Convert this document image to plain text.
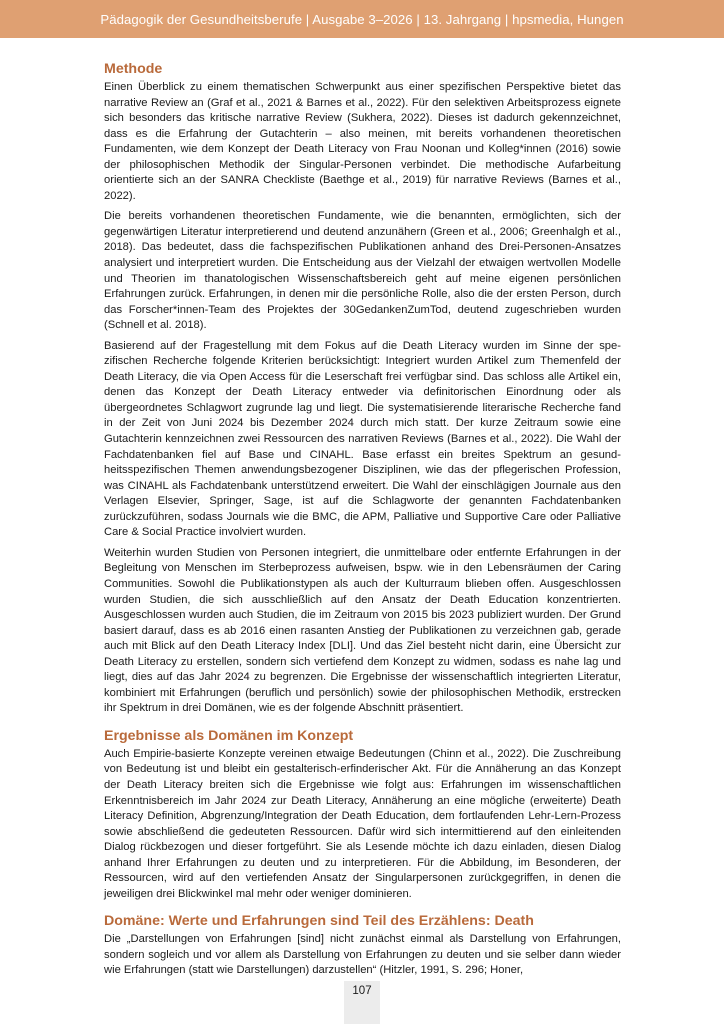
Pädagogik der Gesundheitsberufe | Ausgabe 3–2026 | 13. Jahrgang | hpsmedia, Hungen
Methode

Einen Überblick zu einem thematischen Schwerpunkt aus einer spezifischen Perspektive bietet das narrative Review an (Graf et al., 2021 & Barnes et al., 2022). Für den selektiven Arbeitsprozess eignete sich besonders das kritische narrative Review (Sukhera, 2022). Dieses ist dadurch gekennzeichnet, dass es die Erfahrung der Gutachterin – also meinen, mit bereits vorhandenen theoretischen Fundamenten, wie dem Konzept der Death Literacy von Frau Noonan und Kolleg*innen (2016) sowie der philosophischen Methodik der Singular-Personen verbindet. Die methodische Aufarbeitung orientierte sich an der SANRA Checkliste (Baethge et al., 2019) für narrative Reviews (Barnes et al., 2022).

Die bereits vorhandenen theoretischen Fundamente, wie die benannten, ermöglichten, sich der gegenwärtigen Literatur interpretierend und deutend anzunähern (Green et al., 2006; Greenhalgh et al., 2018). Das bedeutet, dass die fachspezifischen Publikationen anhand des Drei-Personen-Ansatzes analysiert und interpretiert wurden. Die Entscheidung aus der Vielzahl der etwaigen wertvollen Modelle und Theorien im thanatologischen Wissenschaftsbereich geht auf meine eigenen persönlichen Erfahrungen zurück. Erfahrungen, in denen mir die persönliche Rolle, also die der ersten Person, durch das Forscher*innen-Team des Projektes der 30GedankenZumTod, deutend zugeschrieben wurden (Schnell et al. 2018).

Basierend auf der Fragestellung mit dem Fokus auf die Death Literacy wurden im Sinne der spezifischen Recherche folgende Kriterien berücksichtigt: Integriert wurden Artikel zum Themenfeld der Death Literacy, die via Open Access für die Leserschaft frei verfügbar sind. Das schloss alle Artikel ein, denen das Konzept der Death Literacy entweder via definitorischen Einordnung oder als übergeordnetes Schlagwort zugrunde lag und liegt. Die systematisierende literarische Recherche fand in der Zeit von Juni 2024 bis Dezember 2024 durch mich statt. Der kurze Zeitraum sowie eine Gutachterin kennzeichnen zwei Ressourcen des narrativen Reviews (Barnes et al., 2022). Die Wahl der Fachdatenbanken fiel auf Base und CINAHL. Base erfasst ein breites Spektrum an gesundheitsspezifischen Themen anwendungsbezogener Disziplinen, wie das der pflegerischen Profession, was CINAHL als Fachdatenbank unterstützend erweitert. Die Wahl der einschlägigen Journale aus den Verlagen Elsevier, Springer, Sage, ist auf die Schlagworte der genannten Fachdatenbanken zurückzuführen, sodass Journals wie die BMC, die APM, Palliative und Supportive Care oder Palliative Care & Social Practice involviert wurden.

Weiterhin wurden Studien von Personen integriert, die unmittelbare oder entfernte Erfahrungen in der Begleitung von Menschen im Sterbeprozess aufweisen, bspw. wie in den Lebensräumen der Caring Communities. Sowohl die Publikationstypen als auch der Kulturraum blieben offen. Ausgeschlossen wurden Studien, die sich ausschließlich auf den Ansatz der Death Education konzentrierten. Ausgeschlossen wurden auch Studien, die im Zeitraum von 2015 bis 2023 publiziert wurden. Der Grund basiert darauf, dass es ab 2016 einen rasanten Anstieg der Publikationen zu verzeichnen gab, gerade auch mit Blick auf den Death Literacy Index [DLI]. Und das Ziel besteht nicht darin, eine Übersicht zur Death Literacy zu erstellen, sondern sich vertiefend dem Konzept zu widmen, sodass es nahe lag und liegt, dies auf das Jahr 2024 zu begrenzen. Die Ergebnisse der wissenschaftlich integrierten Literatur, kombiniert mit Erfahrungen (beruflich und persönlich) sowie der philosophischen Methodik, erstrecken ihr Spektrum in drei Domänen, wie es der folgende Abschnitt präsentiert.

Ergebnisse als Domänen im Konzept

Auch Empirie-basierte Konzepte vereinen etwaige Bedeutungen (Chinn et al., 2022). Die Zuschreibung von Bedeutung ist und bleibt ein gestalterisch-erfinderischer Akt. Für die Annäherung an das Konzept der Death Literacy breiten sich die Ergebnisse wie folgt aus: Erfahrungen im wissenschaftlichen Erkenntnisbereich im Jahr 2024 zur Death Literacy, Annäherung an eine mögliche (erweiterte) Death Literacy Definition, Abgrenzung/Integration der Death Education, dem fortlaufenden Lehr-Lern-Prozess sowie abschließend die gedeuteten Ressourcen. Dafür wird sich intermittierend auf den einleitenden Dialog rückbezogen und dieser fortgeführt. Sie als Lesende möchte ich dazu einladen, diesen Dialog anhand Ihrer Erfahrungen zu deuten und zu interpretieren. Für die Abbildung, im Besonderen, der Ressourcen, wird auf den vertiefenden Ansatz der Singularpersonen zurückgegriffen, in denen die jeweiligen drei Blickwinkel mal mehr oder weniger dominieren.

Domäne: Werte und Erfahrungen sind Teil des Erzählens: Death

Die „Darstellungen von Erfahrungen [sind] nicht zunächst einmal als Darstellung von Erfahrungen, sondern sogleich und vor allem als Darstellung von Erfahrungen zu deuten und sie selber dann wieder wie Erfahrungen (statt wie Darstellungen) darzustellen“ (Hitzler, 1991, S. 296; Honer,

107
